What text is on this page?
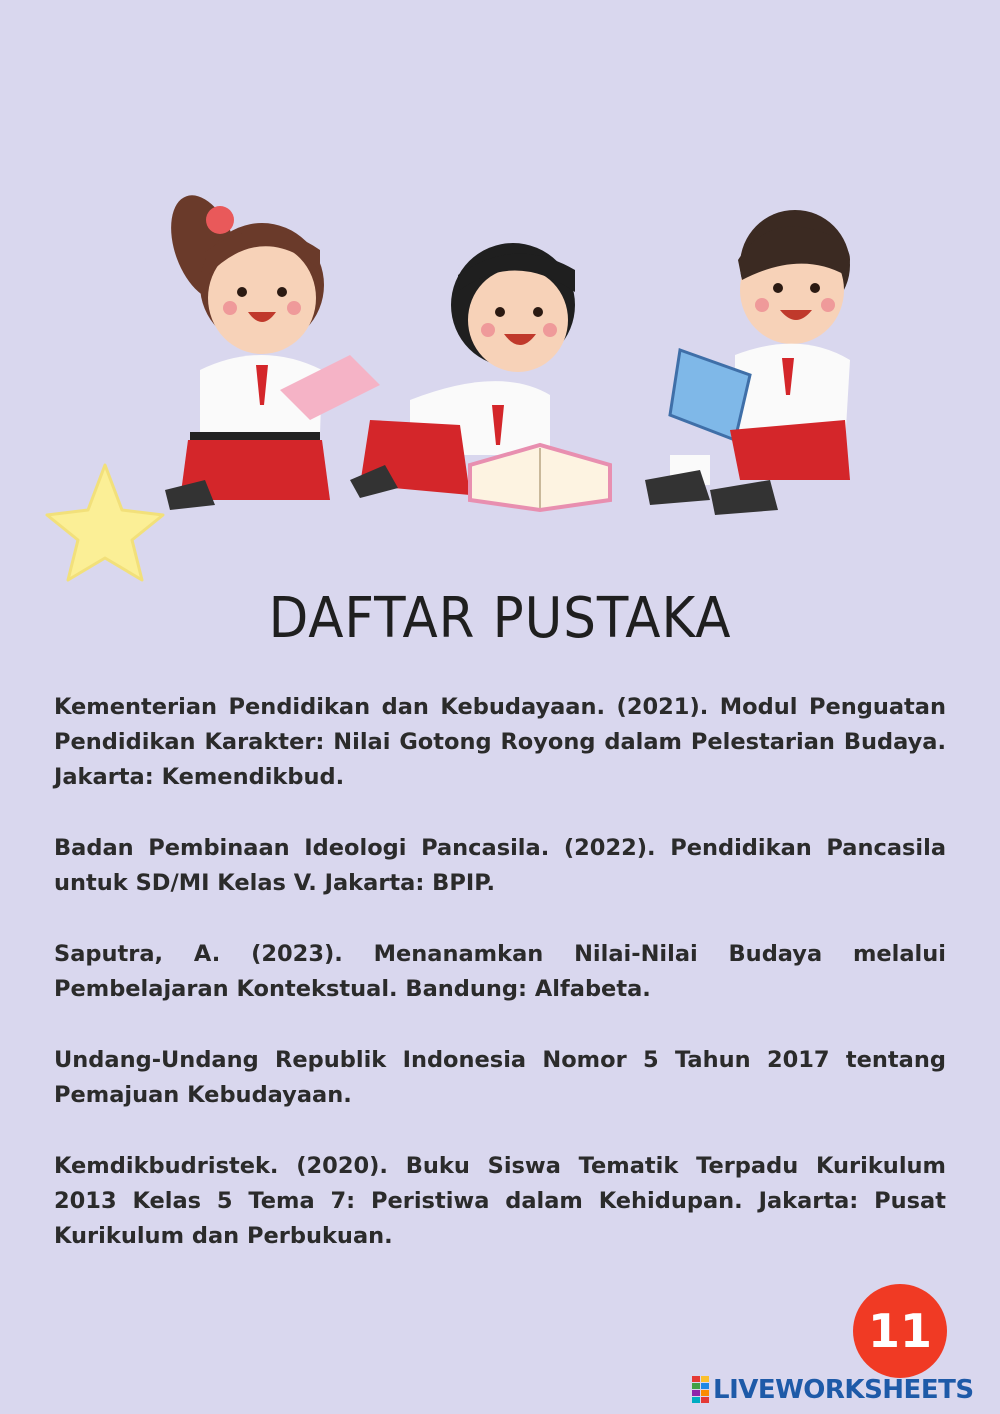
DAFTAR PUSTAKA

Kementerian Pendidikan dan Kebudayaan. (2021). Modul Penguatan Pendidikan Karakter: Nilai Gotong Royong dalam Pelestarian Budaya. Jakarta: Kemendikbud.

Badan Pembinaan Ideologi Pancasila. (2022). Pendidikan Pancasila untuk SD/MI Kelas V. Jakarta: BPIP.

Saputra, A. (2023). Menanamkan Nilai-Nilai Budaya melalui Pembelajaran Kontekstual. Bandung: Alfabeta.

Undang-Undang Republik Indonesia Nomor 5 Tahun 2017 tentang Pemajuan Kebudayaan.

Kemdikbudristek. (2020). Buku Siswa Tematik Terpadu Kurikulum 2013 Kelas 5 Tema 7: Peristiwa dalam Kehidupan. Jakarta: Pusat Kurikulum dan Perbukuan.

11
LIVEWORKSHEETS
